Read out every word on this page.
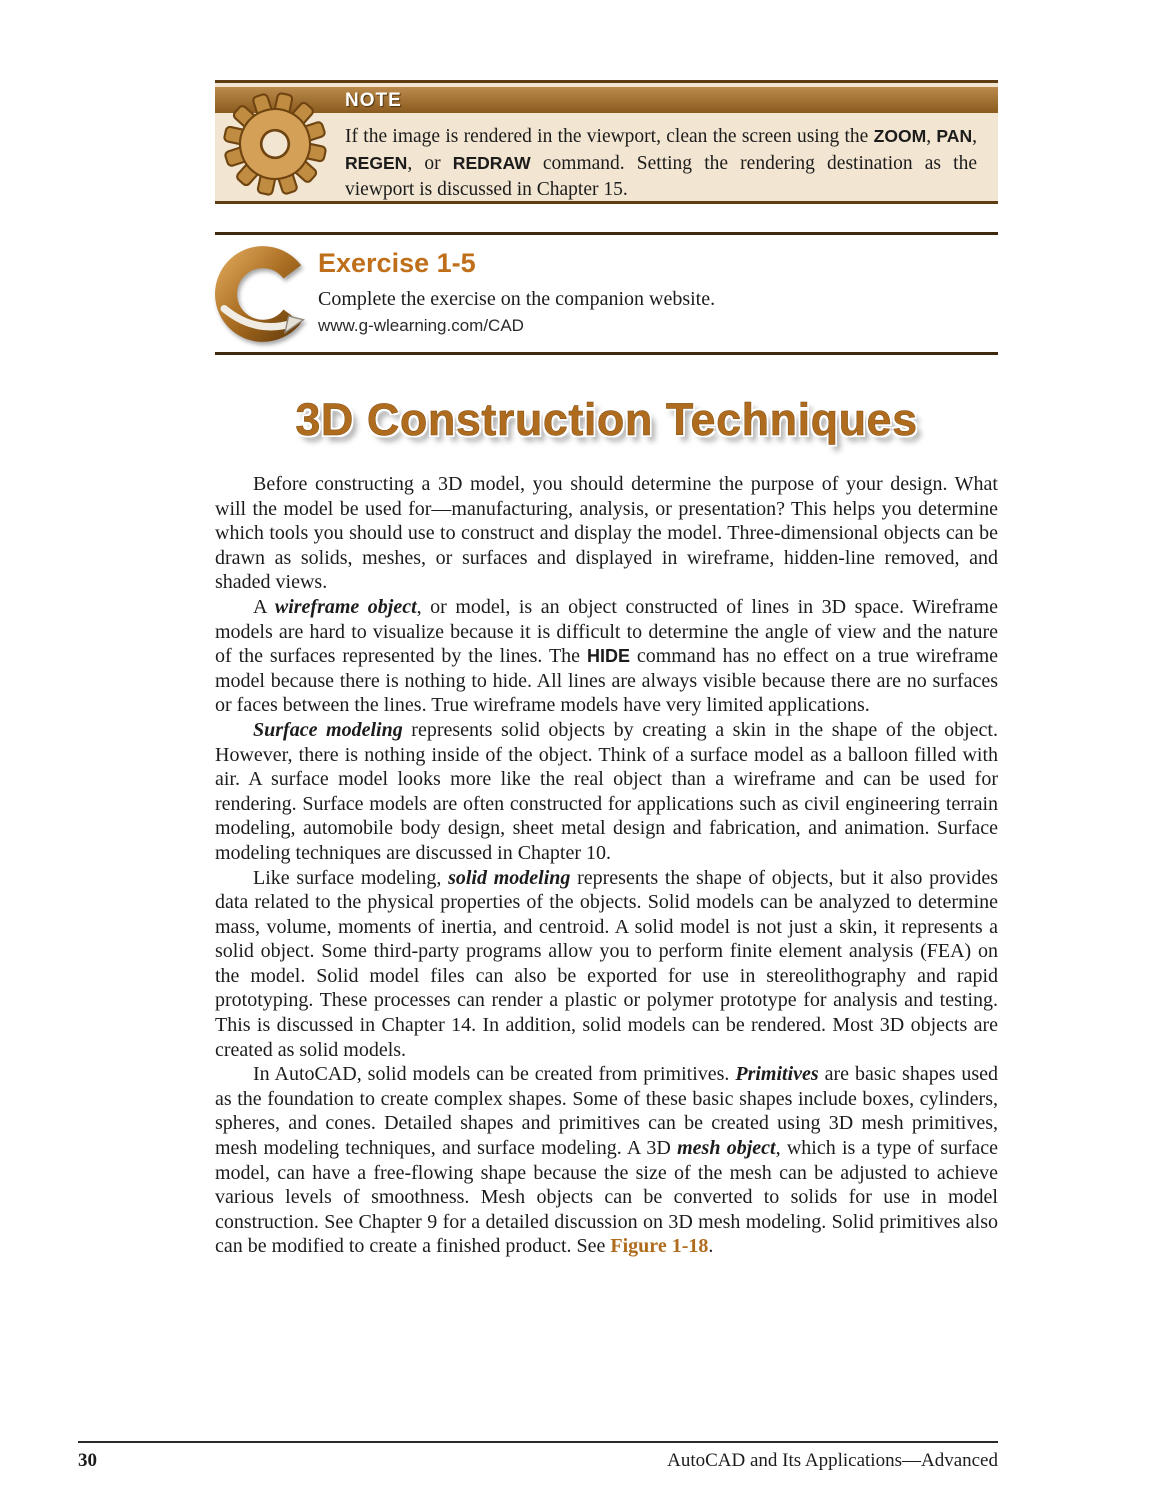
NOTE
If the image is rendered in the viewport, clean the screen using the ZOOM, PAN, REGEN, or REDRAW command. Setting the rendering destination as the viewport is discussed in Chapter 15.
Exercise 1-5
Complete the exercise on the companion website.
www.g-wlearning.com/CAD
3D Construction Techniques

Before constructing a 3D model, you should determine the purpose of your design. What will the model be used for—manufacturing, analysis, or presentation? This helps you determine which tools you should use to construct and display the model. Three-dimensional objects can be drawn as solids, meshes, or surfaces and displayed in wireframe, hidden-line removed, and shaded views.

A wireframe object, or model, is an object constructed of lines in 3D space. Wireframe models are hard to visualize because it is difficult to determine the angle of view and the nature of the surfaces represented by the lines. The HIDE command has no effect on a true wireframe model because there is nothing to hide. All lines are always visible because there are no surfaces or faces between the lines. True wireframe models have very limited applications.

Surface modeling represents solid objects by creating a skin in the shape of the object. However, there is nothing inside of the object. Think of a surface model as a balloon filled with air. A surface model looks more like the real object than a wireframe and can be used for rendering. Surface models are often constructed for applications such as civil engineering terrain modeling, automobile body design, sheet metal design and fabrication, and animation. Surface modeling techniques are discussed in Chapter 10.

Like surface modeling, solid modeling represents the shape of objects, but it also provides data related to the physical properties of the objects. Solid models can be analyzed to determine mass, volume, moments of inertia, and centroid. A solid model is not just a skin, it represents a solid object. Some third-party programs allow you to perform finite element analysis (FEA) on the model. Solid model files can also be exported for use in stereolithography and rapid prototyping. These processes can render a plastic or polymer prototype for analysis and testing. This is discussed in Chapter 14. In addition, solid models can be rendered. Most 3D objects are created as solid models.

In AutoCAD, solid models can be created from primitives. Primitives are basic shapes used as the foundation to create complex shapes. Some of these basic shapes include boxes, cylinders, spheres, and cones. Detailed shapes and primitives can be created using 3D mesh primitives, mesh modeling techniques, and surface modeling. A 3D mesh object, which is a type of surface model, can have a free-flowing shape because the size of the mesh can be adjusted to achieve various levels of smoothness. Mesh objects can be converted to solids for use in model construction. See Chapter 9 for a detailed discussion on 3D mesh modeling. Solid primitives also can be modified to create a finished product. See Figure 1-18.

30	AutoCAD and Its Applications—Advanced
